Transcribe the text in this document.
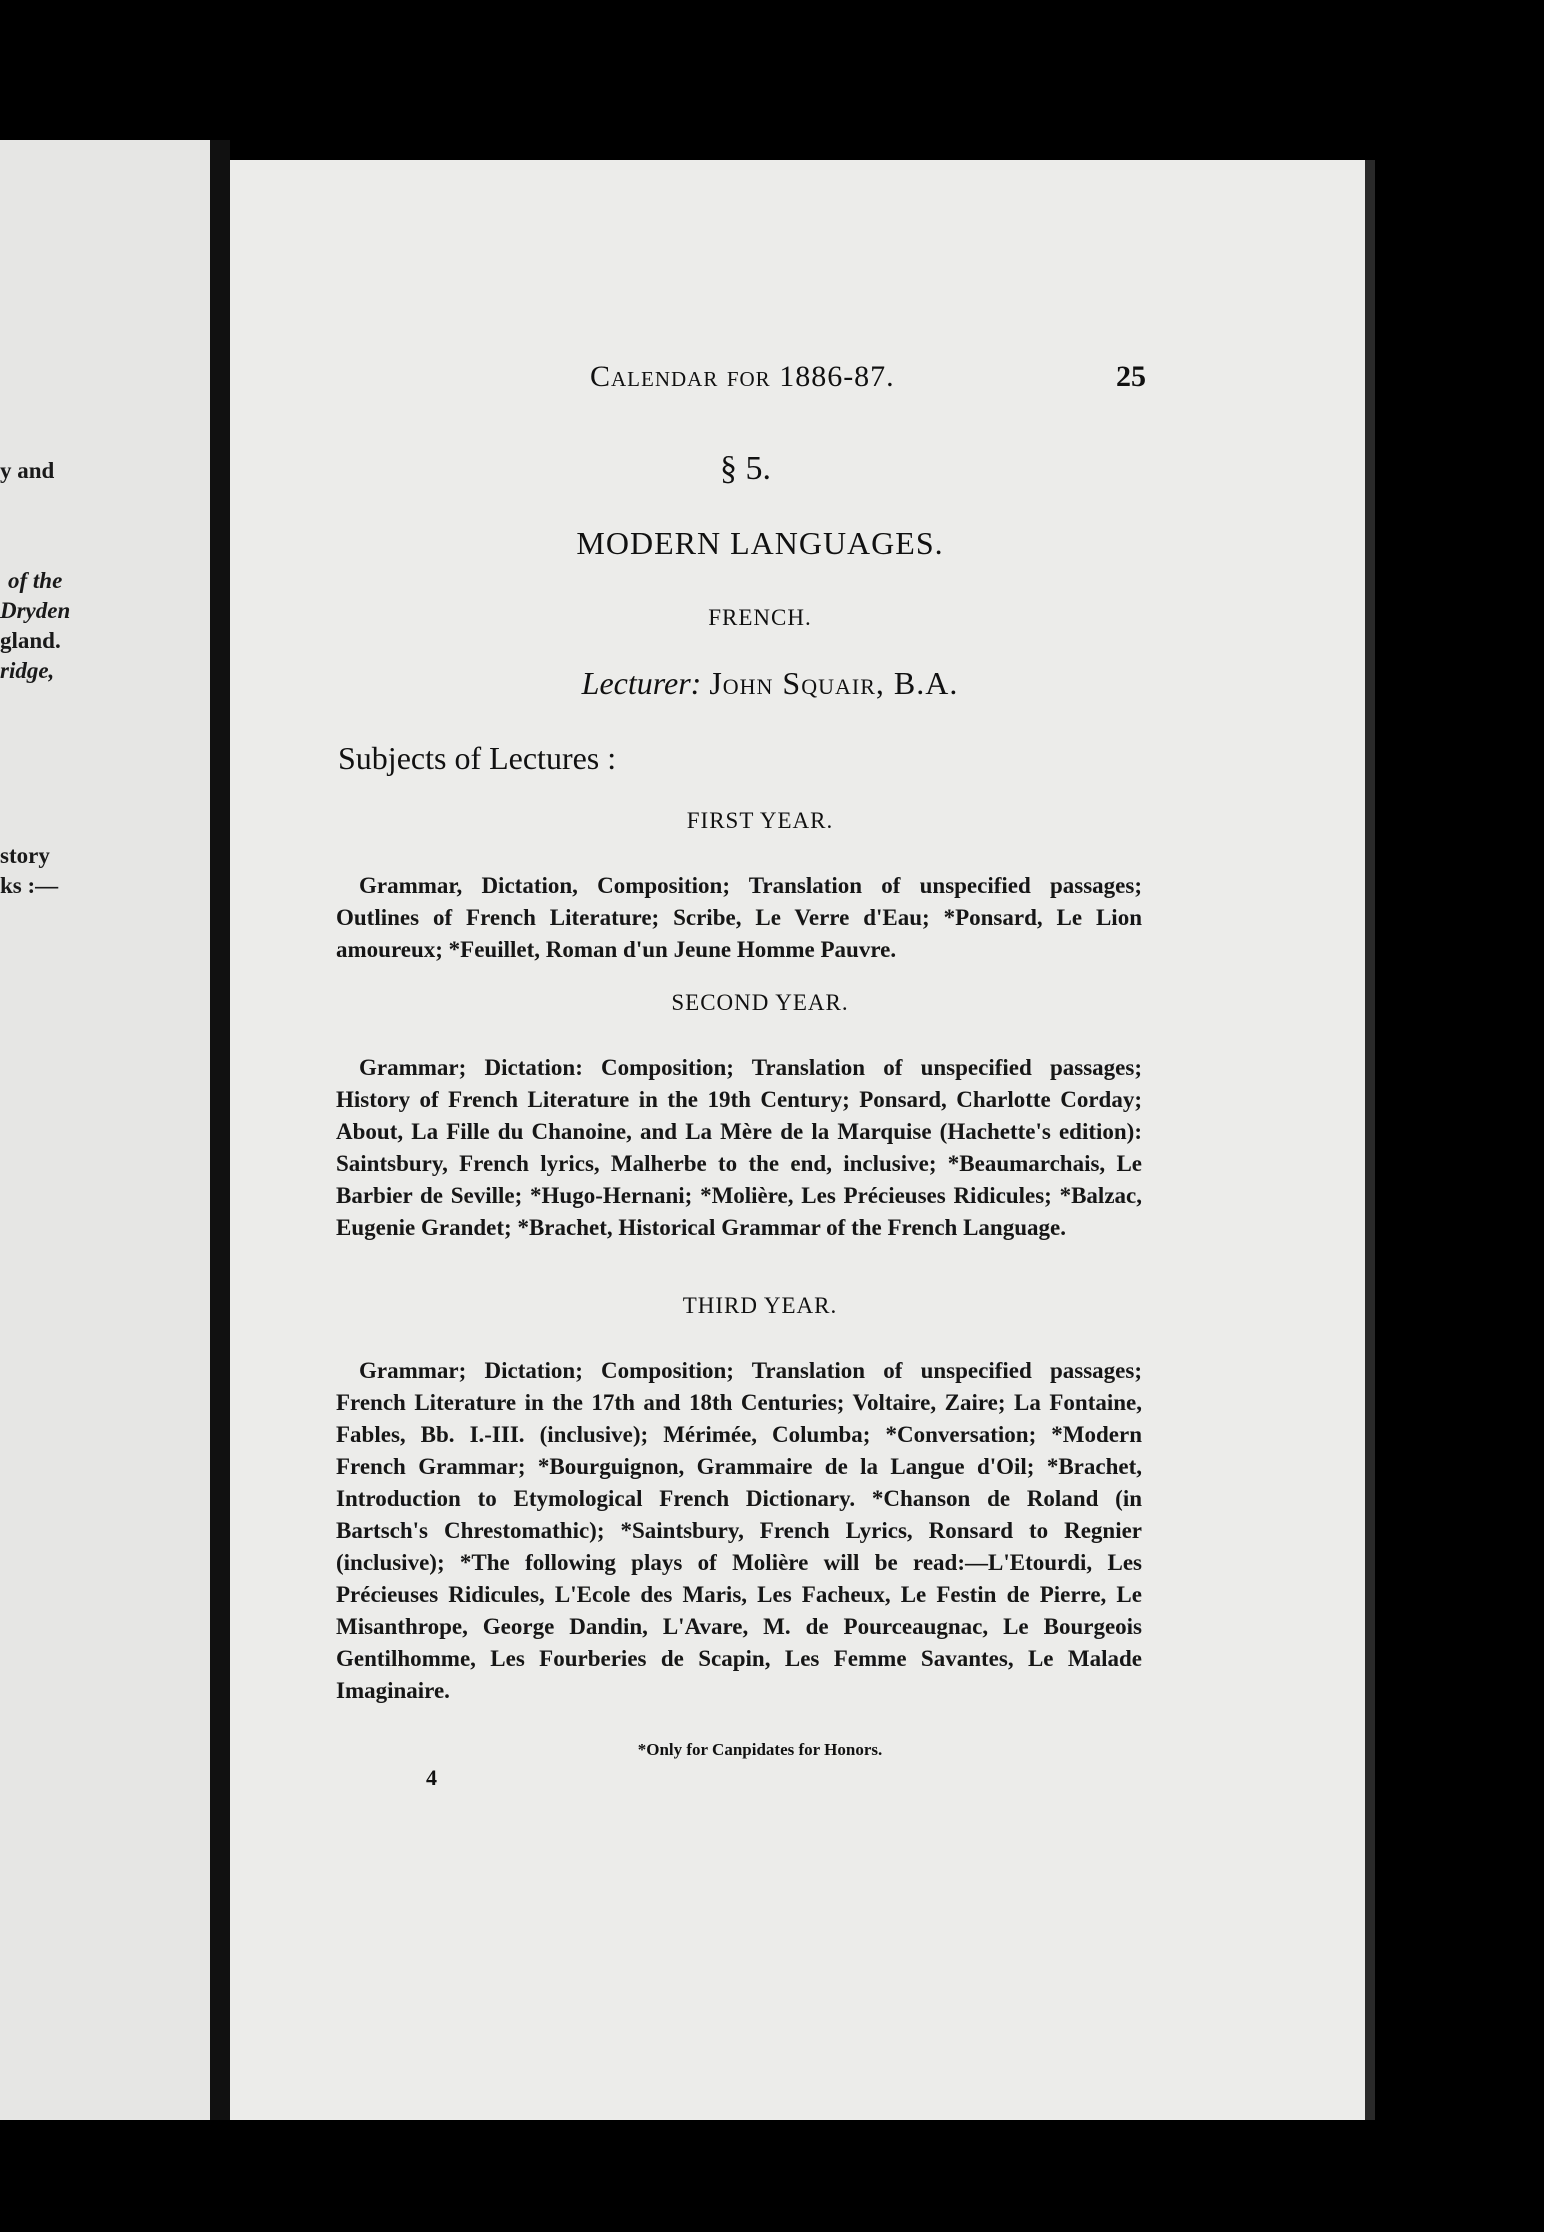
y and
of the
Dryden
gland.
ridge,
story
ks :—
Calendar for 1886-87.	25
§ 5.
MODERN LANGUAGES.
FRENCH.
Lecturer: John Squair, B.A.
Subjects of Lectures :
FIRST YEAR.
Grammar, Dictation, Composition; Translation of unspecified passages; Outlines of French Literature; Scribe, Le Verre d'Eau; *Ponsard, Le Lion amoureux; *Feuillet, Roman d'un Jeune Homme Pauvre.
SECOND YEAR.
Grammar; Dictation: Composition; Translation of unspecified passages; History of French Literature in the 19th Century; Ponsard, Charlotte Corday; About, La Fille du Chanoine, and La Mère de la Marquise (Hachette's edition): Saintsbury, French lyrics, Malherbe to the end, inclusive; *Beaumarchais, Le Barbier de Seville; *Hugo-Hernani; *Molière, Les Précieuses Ridicules; *Balzac, Eugenie Grandet; *Brachet, Historical Grammar of the French Language.
THIRD YEAR.
Grammar; Dictation; Composition; Translation of unspecified passages; French Literature in the 17th and 18th Centuries; Voltaire, Zaire; La Fontaine, Fables, Bb. I.-III. (inclusive); Mérimée, Columba; *Conversation; *Modern French Grammar; *Bourguignon, Grammaire de la Langue d'Oil; *Brachet, Introduction to Etymological French Dictionary. *Chanson de Roland (in Bartsch's Chrestomathic); *Saintsbury, French Lyrics, Ronsard to Regnier (inclusive); *The following plays of Molière will be read:—L'Etourdi, Les Précieuses Ridicules, L'Ecole des Maris, Les Facheux, Le Festin de Pierre, Le Misanthrope, George Dandin, L'Avare, M. de Pourceaugnac, Le Bourgeois Gentilhomme, Les Fourberies de Scapin, Les Femme Savantes, Le Malade Imaginaire.
*Only for Canpidates for Honors.
4
